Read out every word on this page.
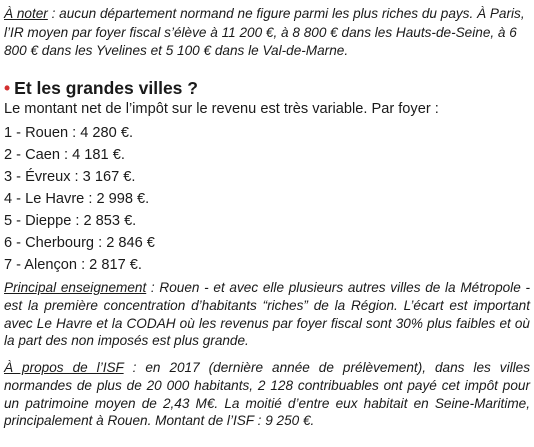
À noter : aucun département normand ne figure parmi les plus riches du pays. À Paris, l’IR moyen par foyer fiscal s’élève à 11 200 €, à 8 800 € dans les Hauts-de-Seine, à 6 800 € dans les Yvelines et 5 100 € dans le Val-de-Marne.

• Et les grandes villes ?
Le montant net de l’impôt sur le revenu est très variable. Par foyer :
1 - Rouen : 4 280 €.
2 - Caen : 4 181 €.
3 - Évreux : 3 167 €.
4 - Le Havre : 2 998 €.
5 - Dieppe : 2 853 €.
6 - Cherbourg : 2 846 €
7 - Alençon : 2 817 €.

Principal enseignement : Rouen - et avec elle plusieurs autres villes de la Métropole - est la première concentration d’habitants “riches” de la Région. L’écart est important avec Le Havre et la CODAH où les revenus par foyer fiscal sont 30% plus faibles et où la part des non imposés est plus grande.

À propos de l’ISF : en 2017 (dernière année de prélèvement), dans les villes normandes de plus de 20 000 habitants, 2 128 contribuables ont payé cet impôt pour un patrimoine moyen de 2,43 M€. La moitié d’entre eux habitait en Seine-Maritime, principalement à Rouen. Montant de l’ISF : 9 250 €.
